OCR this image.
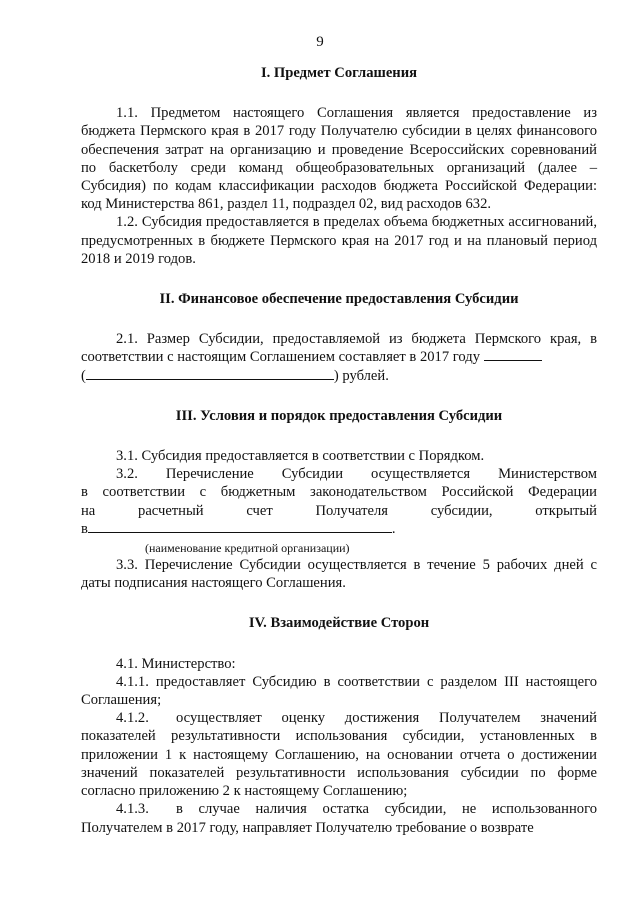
9

I. Предмет Соглашения

1.1. Предметом настоящего Соглашения является предоставление из бюджета Пермского края в 2017 году Получателю субсидии в целях финансового обеспечения затрат на организацию и проведение Всероссийских соревнований по баскетболу среди команд общеобразовательных организаций (далее – Субсидия) по кодам классификации расходов бюджета Российской Федерации: код Министерства 861, раздел 11, подраздел 02, вид расходов 632.

1.2. Субсидия предоставляется в пределах объема бюджетных ассигнований, предусмотренных в бюджете Пермского края на 2017 год и на плановый период 2018 и 2019 годов.

II. Финансовое обеспечение предоставления Субсидии

2.1. Размер Субсидии, предоставляемой из бюджета Пермского края, в соответствии с настоящим Соглашением составляет в 2017 году

(	) рублей.

III. Условия и порядок предоставления Субсидии

3.1. Субсидия предоставляется в соответствии с Порядком.

3.2. Перечисление Субсидии осуществляется Министерством

в соответствии с бюджетным законодательством Российской Федерации

на	расчетный	счет	Получателя	субсидии,	открытый

в	.

(наименование кредитной организации)

3.3. Перечисление Субсидии осуществляется в течение 5 рабочих дней с даты подписания настоящего Соглашения.

IV. Взаимодействие Сторон

4.1. Министерство:

4.1.1. предоставляет Субсидию в соответствии с разделом III настоящего Соглашения;

4.1.2. осуществляет оценку достижения Получателем значений показателей результативности использования субсидии, установленных в приложении 1 к настоящему Соглашению, на основании отчета о достижении значений показателей результативности использования субсидии по форме согласно приложению 2 к настоящему Соглашению;

4.1.3. в случае наличия остатка субсидии, не использованного Получателем в 2017 году, направляет Получателю требование о возврате
